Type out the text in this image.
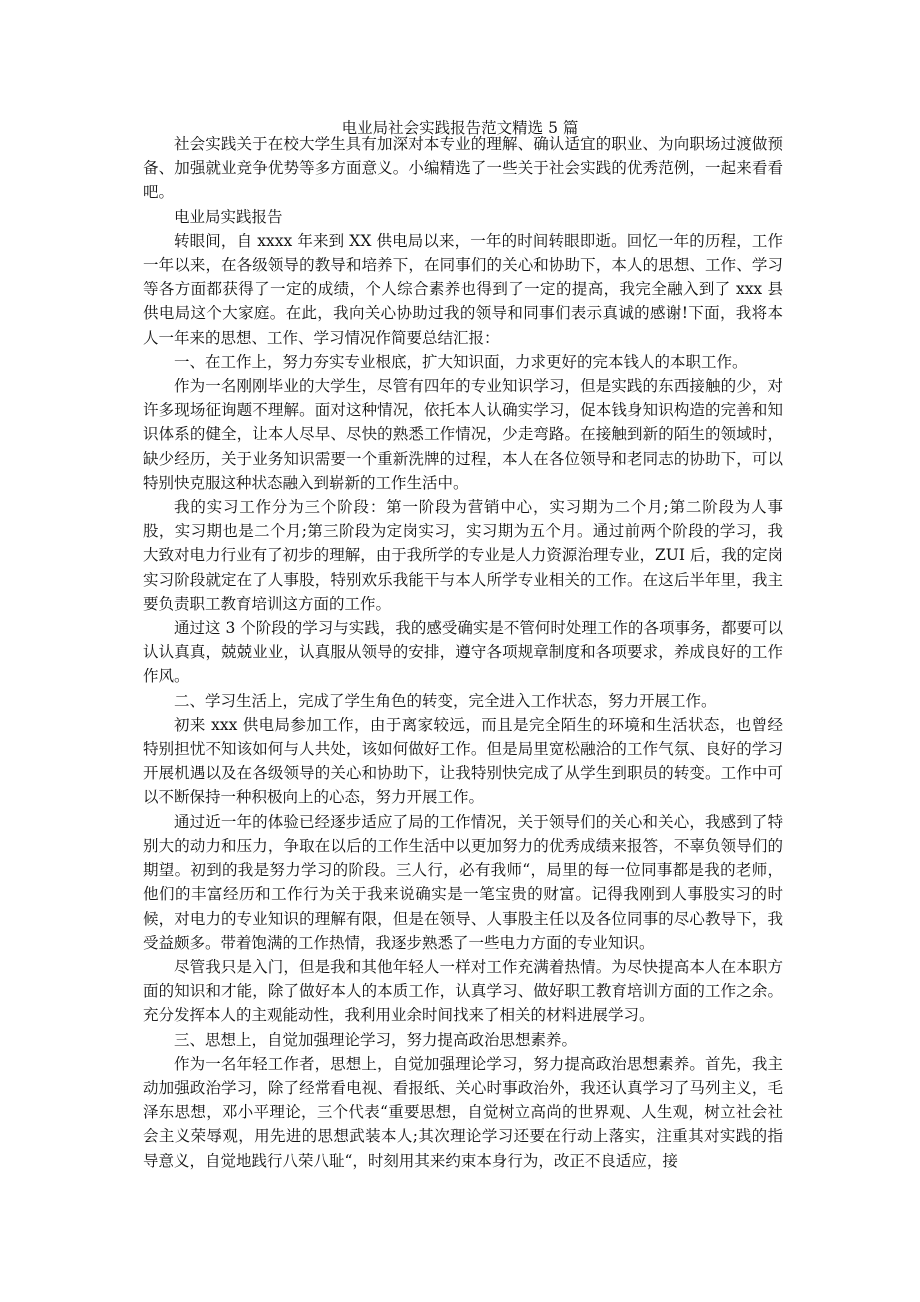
电业局社会实践报告范文精选 5 篇

社会实践关于在校大学生具有加深对本专业的理解、确认适宜的职业、为向职场过渡做预备、加强就业竞争优势等多方面意义。小编精选了一些关于社会实践的优秀范例，一起来看看吧。

电业局实践报告

转眼间，自 xxxx 年来到 XX 供电局以来，一年的时间转眼即逝。回忆一年的历程，工作一年以来，在各级领导的教导和培养下，在同事们的关心和协助下，本人的思想、工作、学习等各方面都获得了一定的成绩，个人综合素养也得到了一定的提高，我完全融入到了 xxx 县供电局这个大家庭。在此，我向关心协助过我的领导和同事们表示真诚的感谢!下面，我将本人一年来的思想、工作、学习情况作简要总结汇报：

一、在工作上，努力夯实专业根底，扩大知识面，力求更好的完本钱人的本职工作。

作为一名刚刚毕业的大学生，尽管有四年的专业知识学习，但是实践的东西接触的少，对许多现场征询题不理解。面对这种情况，依托本人认确实学习，促本钱身知识构造的完善和知识体系的健全，让本人尽早、尽快的熟悉工作情况，少走弯路。在接触到新的陌生的领域时，缺少经历，关于业务知识需要一个重新洗牌的过程，本人在各位领导和老同志的协助下，可以特别快克服这种状态融入到崭新的工作生活中。

我的实习工作分为三个阶段：第一阶段为营销中心，实习期为二个月;第二阶段为人事股，实习期也是二个月;第三阶段为定岗实习，实习期为五个月。通过前两个阶段的学习，我大致对电力行业有了初步的理解，由于我所学的专业是人力资源治理专业，ZUI 后，我的定岗实习阶段就定在了人事股，特别欢乐我能干与本人所学专业相关的工作。在这后半年里，我主要负责职工教育培训这方面的工作。

通过这 3 个阶段的学习与实践，我的感受确实是不管何时处理工作的各项事务，都要可以认认真真，兢兢业业，认真服从领导的安排，遵守各项规章制度和各项要求，养成良好的工作作风。

二、学习生活上，完成了学生角色的转变，完全进入工作状态，努力开展工作。

初来 xxx 供电局参加工作，由于离家较远，而且是完全陌生的环境和生活状态，也曾经特别担忧不知该如何与人共处，该如何做好工作。但是局里宽松融洽的工作气氛、良好的学习开展机遇以及在各级领导的关心和协助下，让我特别快完成了从学生到职员的转变。工作中可以不断保持一种积极向上的心态，努力开展工作。

通过近一年的体验已经逐步适应了局的工作情况，关于领导们的关心和关心，我感到了特别大的动力和压力，争取在以后的工作生活中以更加努力的优秀成绩来报答，不辜负领导们的期望。初到的我是努力学习的阶段。三人行，必有我师“，局里的每一位同事都是我的老师，他们的丰富经历和工作行为关于我来说确实是一笔宝贵的财富。记得我刚到人事股实习的时候，对电力的专业知识的理解有限，但是在领导、人事股主任以及各位同事的尽心教导下，我受益颇多。带着饱满的工作热情，我逐步熟悉了一些电力方面的专业知识。

尽管我只是入门，但是我和其他年轻人一样对工作充满着热情。为尽快提高本人在本职方面的知识和才能，除了做好本人的本质工作，认真学习、做好职工教育培训方面的工作之余。充分发挥本人的主观能动性，我利用业余时间找来了相关的材料进展学习。

三、思想上，自觉加强理论学习，努力提高政治思想素养。

作为一名年轻工作者，思想上，自觉加强理论学习，努力提高政治思想素养。首先，我主动加强政治学习，除了经常看电视、看报纸、关心时事政治外，我还认真学习了马列主义，毛泽东思想，邓小平理论，三个代表“重要思想，自觉树立高尚的世界观、人生观，树立社会社会主义荣辱观，用先进的思想武装本人;其次理论学习还要在行动上落实，注重其对实践的指导意义，自觉地践行八荣八耻“，时刻用其来约束本身行为，改正不良适应，接
